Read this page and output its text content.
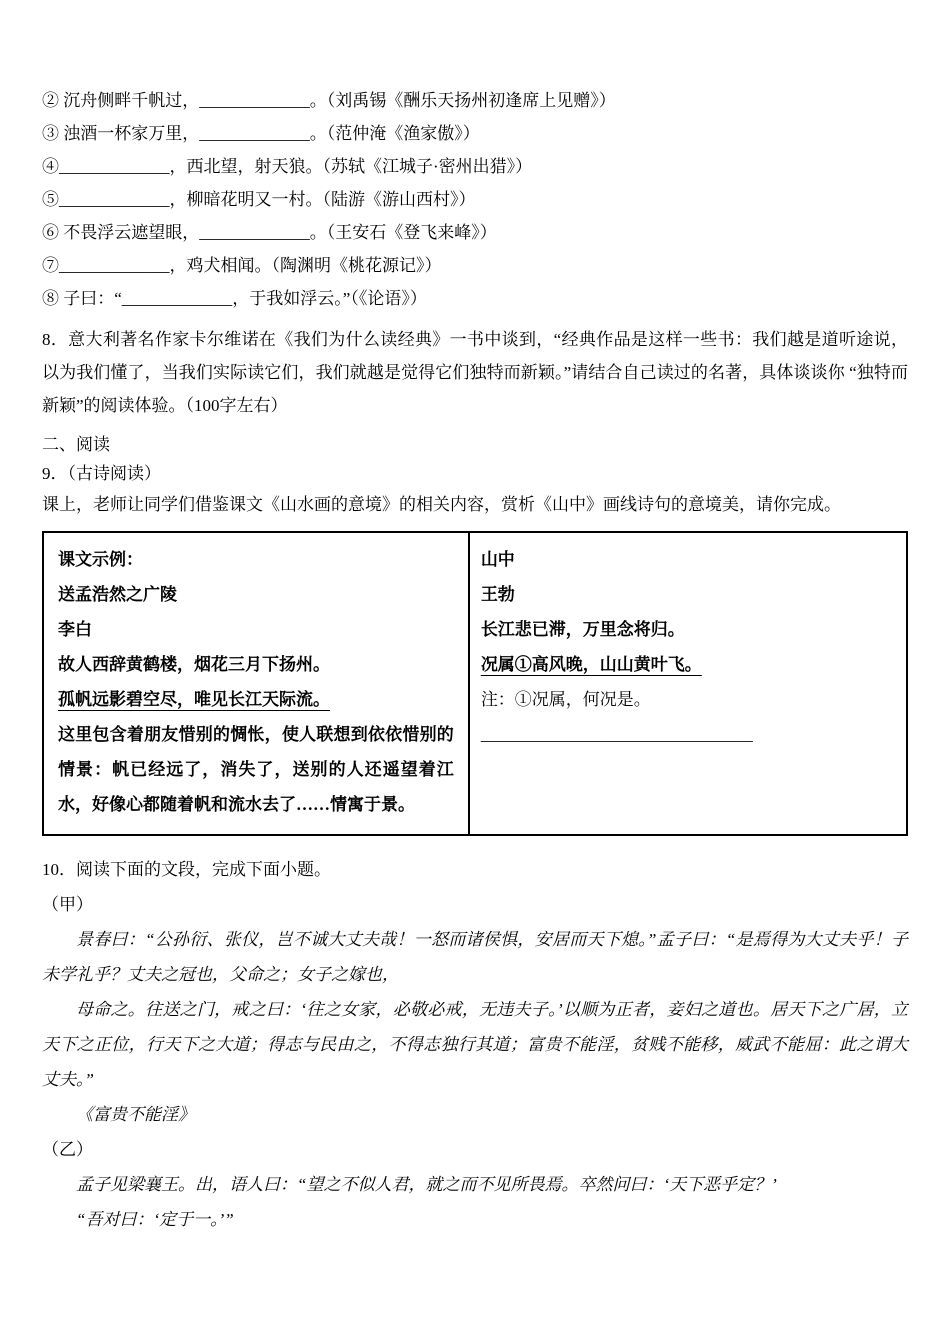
② 沉舟侧畔千帆过，_____________。（刘禹锡《酬乐天扬州初逢席上见赠》）

③ 浊酒一杯家万里，_____________。（范仲淹《渔家傲》）

④_____________，西北望，射天狼。（苏轼《江城子·密州出猎》）

⑤_____________，柳暗花明又一村。（陆游《游山西村》）

⑥ 不畏浮云遮望眼，_____________。（王安石《登飞来峰》）

⑦_____________，鸡犬相闻。（陶渊明《桃花源记》）

⑧ 子曰：“_____________，于我如浮云。”（《论语》）

8．意大利著名作家卡尔维诺在《我们为什么读经典》一书中谈到，“经典作品是这样一些书：我们越是道听途说，以为我们懂了，当我们实际读它们，我们就越是觉得它们独特而新颖。”请结合自己读过的名著，具体谈谈你 “独特而新颖”的阅读体验。（100字左右）

二、阅读

9．（古诗阅读）

课上，老师让同学们借鉴课文《山水画的意境》的相关内容，赏析《山中》画线诗句的意境美，请你完成。

课文示例：

送孟浩然之广陵

李白

故人西辞黄鹤楼，烟花三月下扬州。

孤帆远影碧空尽，唯见长江天际流。

这里包含着朋友惜别的惆怅，使人联想到依依惜别的情景：帆已经远了，消失了，送别的人还遥望着江水，好像心都随着帆和流水去了……情寓于景。

山中

王勃

长江悲已滞，万里念将归。

况属①高风晚，山山黄叶飞。

注：①况属，何况是。

________________________________

10．阅读下面的文段，完成下面小题。

（甲）

景春曰：“公孙衍、张仪，岂不诚大丈夫哉！一怒而诸侯惧，安居而天下熄。”孟子曰：“是焉得为大丈夫乎！子未学礼乎？丈夫之冠也，父命之；女子之嫁也，

母命之。往送之门，戒之曰：‘往之女家，必敬必戒，无违夫子。’以顺为正者，妾妇之道也。居天下之广居，立天下之正位，行天下之大道；得志与民由之，不得志独行其道；富贵不能淫，贫贱不能移，威武不能屈：此之谓大丈夫。”

《富贵不能淫》

（乙）

孟子见梁襄王。出，语人曰：“望之不似人君，就之而不见所畏焉。卒然问曰：‘天下恶乎定？’

“吾对曰：‘定于一。’”
